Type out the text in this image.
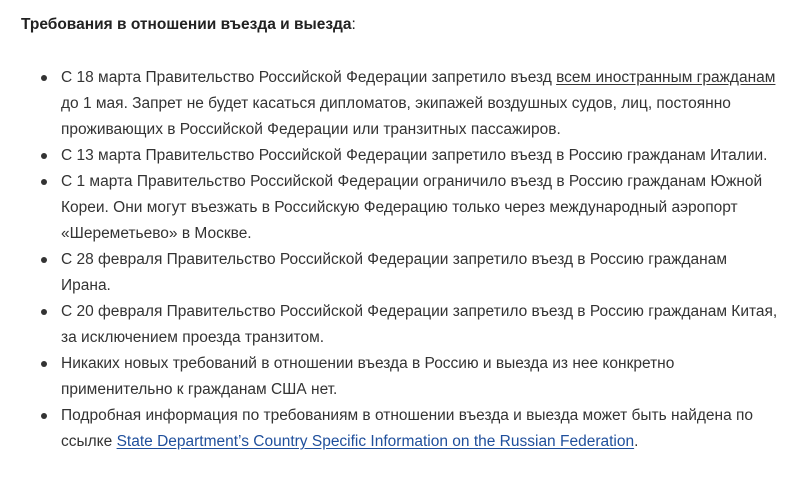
Требования в отношении въезда и выезда:

С 18 марта Правительство Российской Федерации запретило въезд всем иностранным гражданам до 1 мая. Запрет не будет касаться дипломатов, экипажей воздушных судов, лиц, постоянно проживающих в Российской Федерации или транзитных пассажиров.
С 13 марта Правительство Российской Федерации запретило въезд в Россию гражданам Италии.
С 1 марта Правительство Российской Федерации ограничило въезд в Россию гражданам Южной Кореи. Они могут въезжать в Российскую Федерацию только через международный аэропорт «Шереметьево» в Москве.
С 28 февраля Правительство Российской Федерации запретило въезд в Россию гражданам Ирана.
С 20 февраля Правительство Российской Федерации запретило въезд в Россию гражданам Китая, за исключением проезда транзитом.
Никаких новых требований в отношении въезда в Россию и выезда из нее конкретно применительно к гражданам США нет.
Подробная информация по требованиям в отношении въезда и выезда может быть найдена по ссылке State Department’s Country Specific Information on the Russian Federation.
